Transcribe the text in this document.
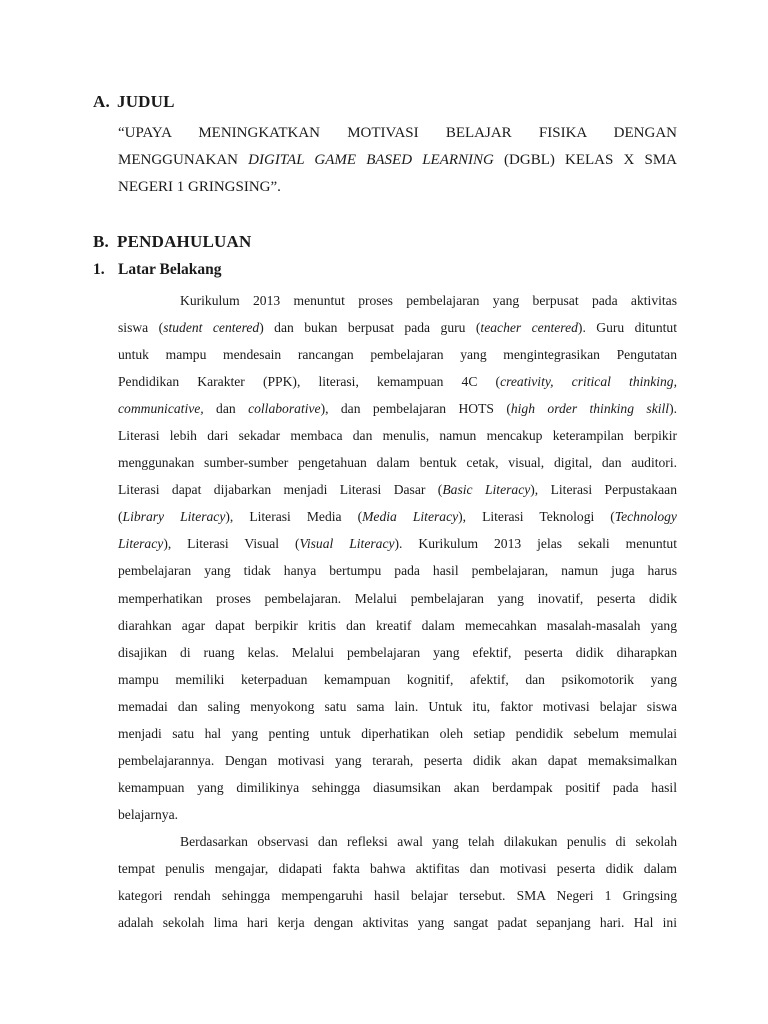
A. JUDUL
“UPAYA MENINGKATKAN MOTIVASI BELAJAR FISIKA DENGAN
MENGGUNAKAN DIGITAL GAME BASED LEARNING (DGBL) KELAS X SMA
NEGERI 1 GRINGSING”.
B. PENDAHULUAN
1. Latar Belakang
Kurikulum 2013 menuntut proses pembelajaran yang berpusat pada aktivitas
siswa (student centered) dan bukan berpusat pada guru (teacher centered). Guru dituntut
untuk mampu mendesain rancangan pembelajaran yang mengintegrasikan Pengutatan
Pendidikan Karakter (PPK), literasi, kemampuan 4C (creativity, critical thinking,
communicative, dan collaborative), dan pembelajaran HOTS (high order thinking skill).
Literasi lebih dari sekadar membaca dan menulis, namun mencakup keterampilan berpikir
menggunakan sumber-sumber pengetahuan dalam bentuk cetak, visual, digital, dan auditori.
Literasi dapat dijabarkan menjadi Literasi Dasar (Basic Literacy), Literasi Perpustakaan
(Library Literacy), Literasi Media (Media Literacy), Literasi Teknologi (Technology
Literacy), Literasi Visual (Visual Literacy). Kurikulum 2013 jelas sekali menuntut
pembelajaran yang tidak hanya bertumpu pada hasil pembelajaran, namun juga harus
memperhatikan proses pembelajaran. Melalui pembelajaran yang inovatif, peserta didik
diarahkan agar dapat berpikir kritis dan kreatif dalam memecahkan masalah-masalah yang
disajikan di ruang kelas. Melalui pembelajaran yang efektif, peserta didik diharapkan
mampu memiliki keterpaduan kemampuan kognitif, afektif, dan psikomotorik yang
memadai dan saling menyokong satu sama lain. Untuk itu, faktor motivasi belajar siswa
menjadi satu hal yang penting untuk diperhatikan oleh setiap pendidik sebelum memulai
pembelajarannya. Dengan motivasi yang terarah, peserta didik akan dapat memaksimalkan
kemampuan yang dimilikinya sehingga diasumsikan akan berdampak positif pada hasil
belajarnya.
Berdasarkan observasi dan refleksi awal yang telah dilakukan penulis di sekolah
tempat penulis mengajar, didapati fakta bahwa aktifitas dan motivasi peserta didik dalam
kategori rendah sehingga mempengaruhi hasil belajar tersebut. SMA Negeri 1 Gringsing
adalah sekolah lima hari kerja dengan aktivitas yang sangat padat sepanjang hari. Hal ini
